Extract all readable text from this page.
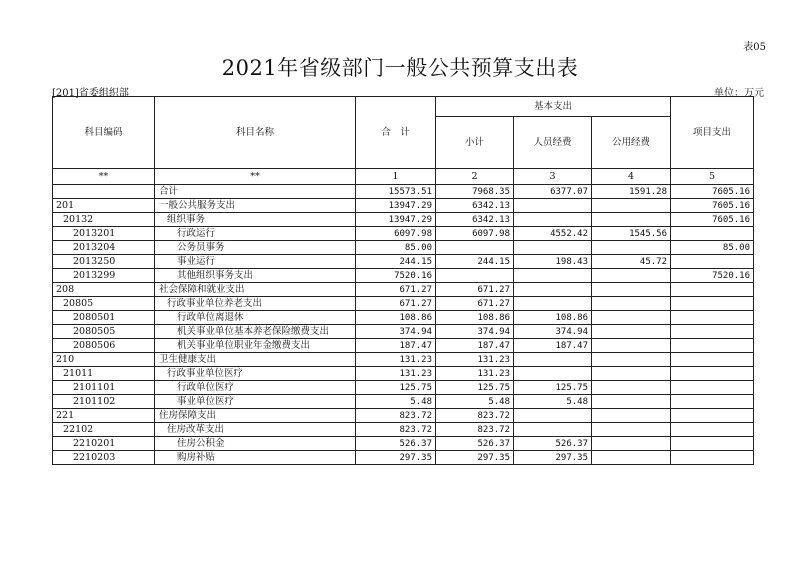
表05
2021年省级部门一般公共预算支出表
[201]省委组织部	单位：万元
科目编码	科目名称	合　计	基本支出			项目支出
			小计	人员经费	公用经费	
**	**	1	2	3	4	5
	合计	15573.51	7968.35	6377.07	1591.28	7605.16
201	一般公共服务支出	13947.29	6342.13			7605.16
20132	组织事务	13947.29	6342.13			7605.16
2013201	行政运行	6097.98	6097.98	4552.42	1545.56	
2013204	公务员事务	85.00				85.00
2013250	事业运行	244.15	244.15	198.43	45.72	
2013299	其他组织事务支出	7520.16				7520.16
208	社会保障和就业支出	671.27	671.27			
20805	行政事业单位养老支出	671.27	671.27			
2080501	行政单位离退休	108.86	108.86	108.86		
2080505	机关事业单位基本养老保险缴费支出	374.94	374.94	374.94		
2080506	机关事业单位职业年金缴费支出	187.47	187.47	187.47		
210	卫生健康支出	131.23	131.23			
21011	行政事业单位医疗	131.23	131.23			
2101101	行政单位医疗	125.75	125.75	125.75		
2101102	事业单位医疗	5.48	5.48	5.48		
221	住房保障支出	823.72	823.72			
22102	住房改革支出	823.72	823.72			
2210201	住房公积金	526.37	526.37	526.37		
2210203	购房补贴	297.35	297.35	297.35		
